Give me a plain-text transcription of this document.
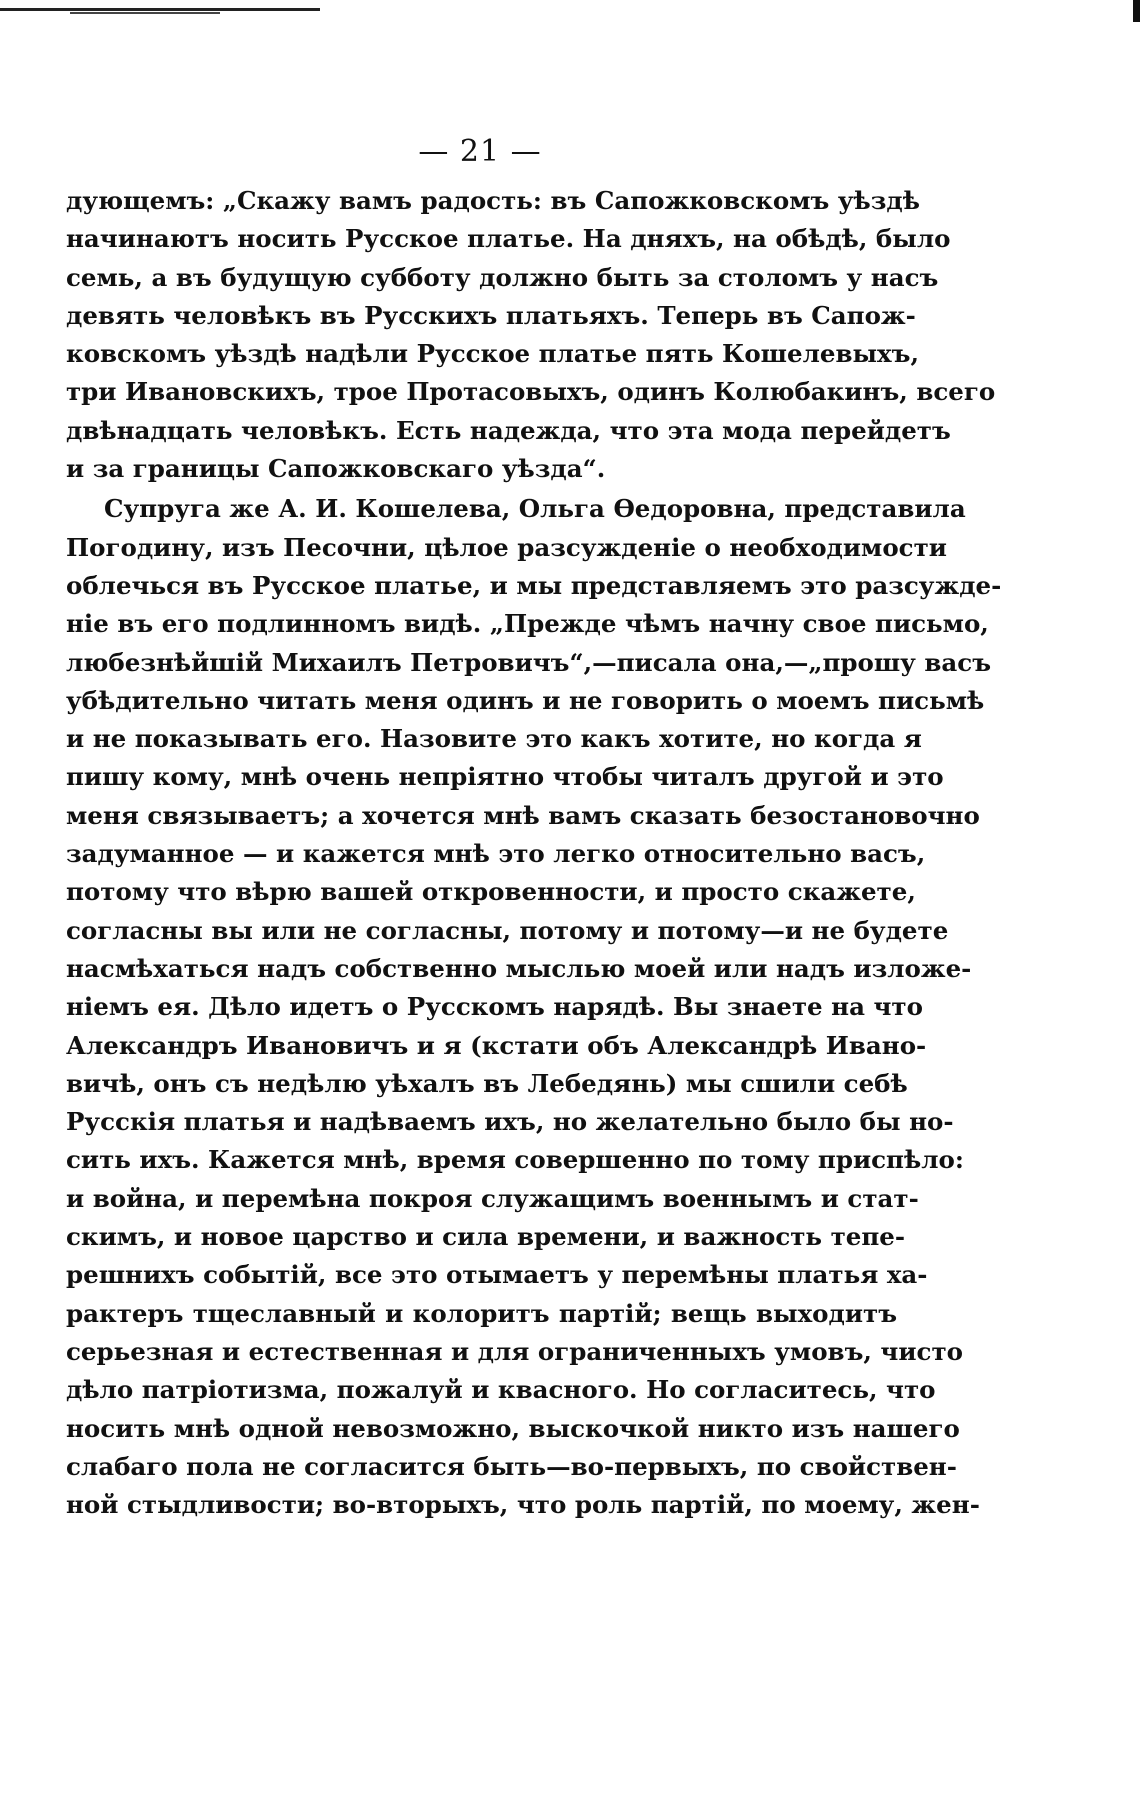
— 21 —
дующемъ: „Скажу вамъ радость: въ Сапожковскомъ уѣздѣ
начинаютъ носить Русское платье. На дняхъ, на обѣдѣ, было
семь, а въ будущую субботу должно быть за столомъ у насъ
девять человѣкъ въ Русскихъ платьяхъ. Теперь въ Сапож-
ковскомъ уѣздѣ надѣли Русское платье пять Кошелевыхъ,
три Ивановскихъ, трое Протасовыхъ, одинъ Колюбакинъ, всего
двѣнадцать человѣкъ. Есть надежда, что эта мода перейдетъ
и за границы Сапожковскаго уѣзда“.
Супруга же А. И. Кошелева, Ольга Ѳедоровна, представила
Погодину, изъ Песочни, цѣлое разсужденіе о необходимости
облечься въ Русское платье, и мы представляемъ это разсужде-
ніе въ его подлинномъ видѣ. „Прежде чѣмъ начну свое письмо,
любезнѣйшій Михаилъ Петровичъ“,—писала она,—„прошу васъ
убѣдительно читать меня одинъ и не говорить о моемъ письмѣ
и не показывать его. Назовите это какъ хотите, но когда я
пишу кому, мнѣ очень непріятно чтобы читалъ другой и это
меня связываетъ; а хочется мнѣ вамъ сказать безостановочно
задуманное — и кажется мнѣ это легко относительно васъ,
потому что вѣрю вашей откровенности, и просто скажете,
согласны вы или не согласны, потому и потому—и не будете
насмѣхаться надъ собственно мыслью моей или надъ изложе-
ніемъ ея. Дѣло идетъ о Русскомъ нарядѣ. Вы знаете на что
Александръ Ивановичъ и я (кстати объ Александрѣ Ивано-
вичѣ, онъ съ недѣлю уѣхалъ въ Лебедянь) мы сшили себѣ
Русскія платья и надѣваемъ ихъ, но желательно было бы но-
сить ихъ. Кажется мнѣ, время совершенно по тому приспѣло:
и война, и перемѣна покроя служащимъ военнымъ и стат-
скимъ, и новое царство и сила времени, и важность тепе-
решнихъ событій, все это отымаетъ у перемѣны платья ха-
рактеръ тщеславный и колоритъ партій; вещь выходитъ
серьезная и естественная и для ограниченныхъ умовъ, чисто
дѣло патріотизма, пожалуй и квасного. Но согласитесь, что
носить мнѣ одной невозможно, выскочкой никто изъ нашего
слабаго пола не согласится быть—во-первыхъ, по свойствен-
ной стыдливости; во-вторыхъ, что роль партій, по моему, жен-
